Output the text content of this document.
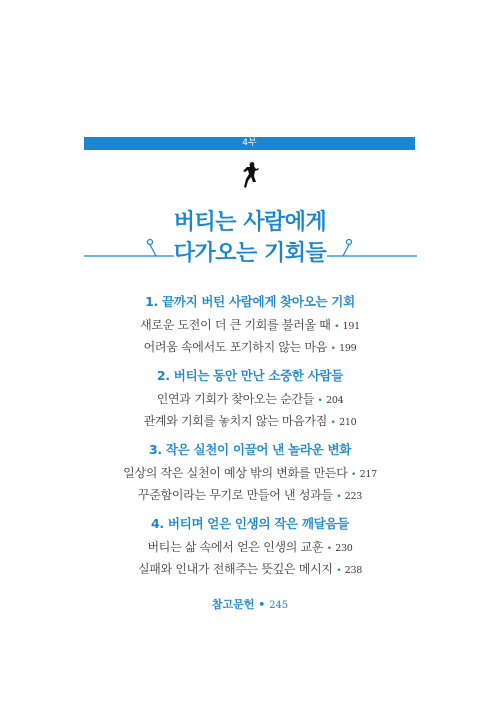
4부
버티는 사람에게
다가오는 기회들
1. 끝까지 버틴 사람에게 찾아오는 기회
새로운 도전이 더 큰 기회를 불러올 때 • 191
어려움 속에서도 포기하지 않는 마음 • 199
2. 버티는 동안 만난 소중한 사람들
인연과 기회가 찾아오는 순간들 • 204
관계와 기회를 놓치지 않는 마음가짐 • 210
3. 작은 실천이 이끌어 낸 놀라운 변화
일상의 작은 실천이 예상 밖의 변화를 만든다 • 217
꾸준함이라는 무기로 만들어 낸 성과들 • 223
4. 버티며 얻은 인생의 작은 깨달음들
버티는 삶 속에서 얻은 인생의 교훈 • 230
실패와 인내가 전해주는 뜻깊은 메시지 • 238
참고문헌 • 245
